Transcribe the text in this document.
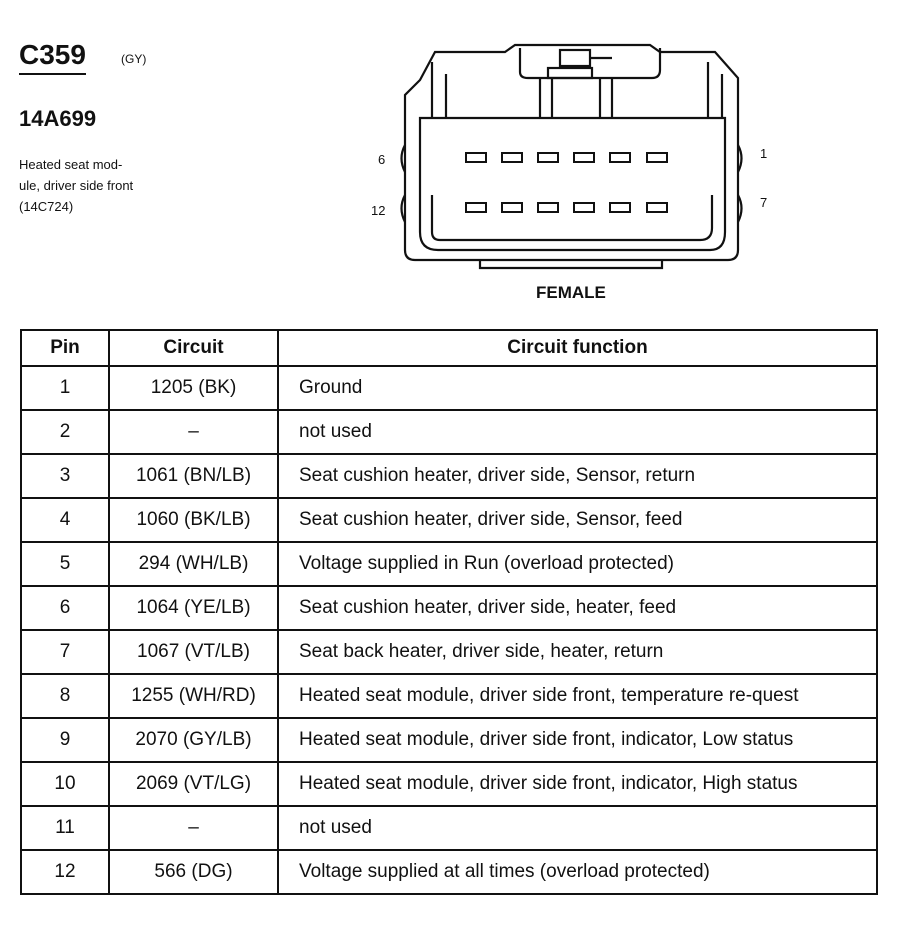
C359	(GY)
14A699
Heated seat mod-
ule, driver side front
(14C724)
6
12
1
7
FEMALE
Pin	Circuit	Circuit function
1	1205 (BK)	Ground
2	–	not used
3	1061 (BN/LB)	Seat cushion heater, driver side, Sensor, return
4	1060 (BK/LB)	Seat cushion heater, driver side, Sensor, feed
5	294 (WH/LB)	Voltage supplied in Run (overload protected)
6	1064 (YE/LB)	Seat cushion heater, driver side, heater, feed
7	1067 (VT/LB)	Seat back heater, driver side, heater, return
8	1255 (WH/RD)	Heated seat module, driver side front, temperature re-quest
9	2070 (GY/LB)	Heated seat module, driver side front, indicator, Low status
10	2069 (VT/LG)	Heated seat module, driver side front, indicator, High status
11	–	not used
12	566 (DG)	Voltage supplied at all times (overload protected)
